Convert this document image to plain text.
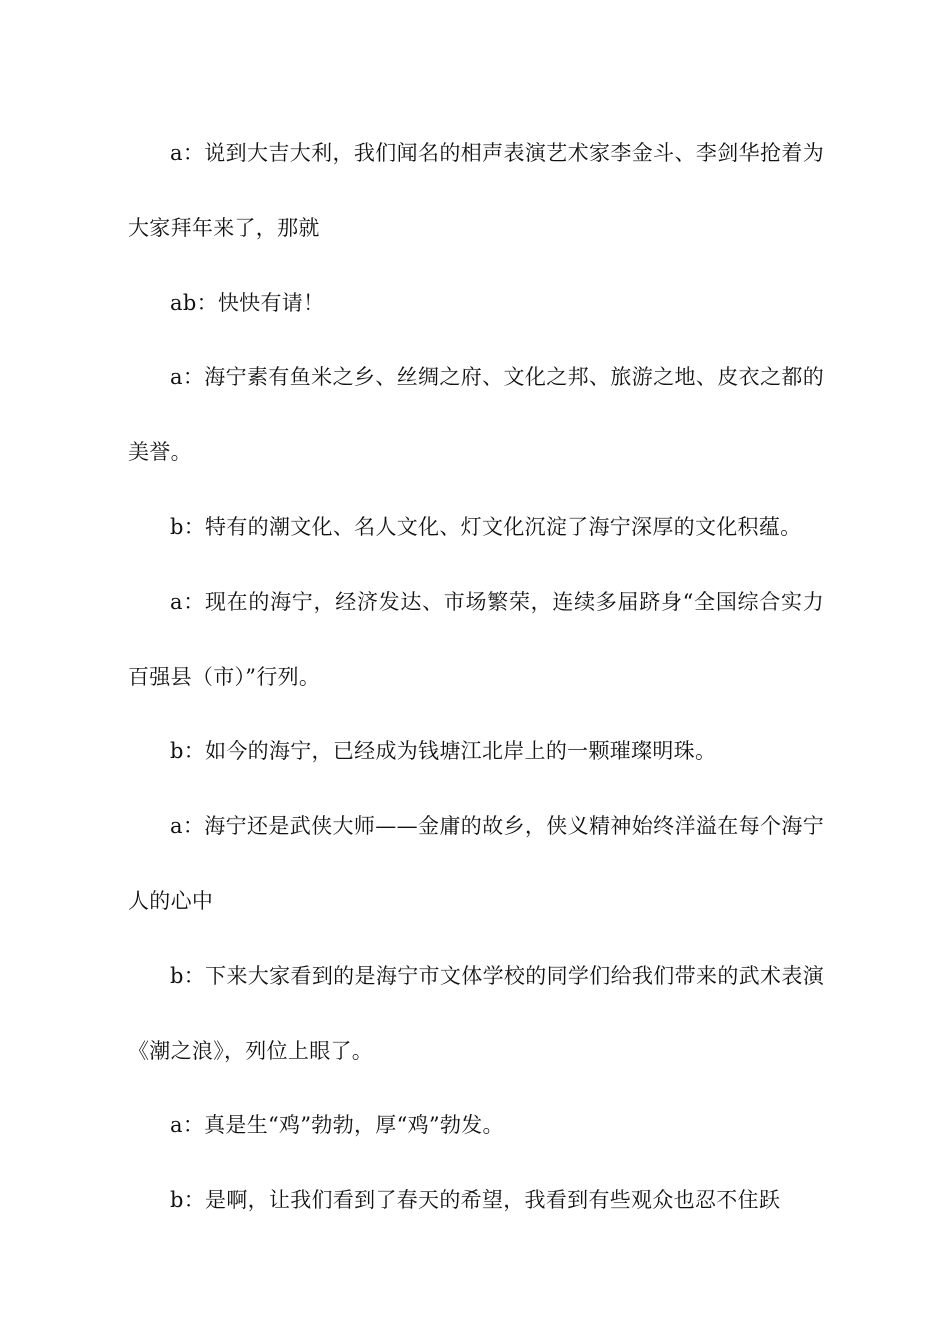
a：说到大吉大利，我们闻名的相声表演艺术家李金斗、李剑华抢着为大家拜年来了，那就

ab：快快有请！

a：海宁素有鱼米之乡、丝绸之府、文化之邦、旅游之地、皮衣之都的美誉。

b：特有的潮文化、名人文化、灯文化沉淀了海宁深厚的文化积蕴。

a：现在的海宁，经济发达、市场繁荣，连续多届跻身“全国综合实力百强县（市）”行列。

b：如今的海宁，已经成为钱塘江北岸上的一颗璀璨明珠。

a：海宁还是武侠大师——金庸的故乡，侠义精神始终洋溢在每个海宁人的心中

b：下来大家看到的是海宁市文体学校的同学们给我们带来的武术表演《潮之浪》，列位上眼了。

a：真是生“鸡”勃勃，厚“鸡”勃发。

b：是啊，让我们看到了春天的希望，我看到有些观众也忍不住跃
